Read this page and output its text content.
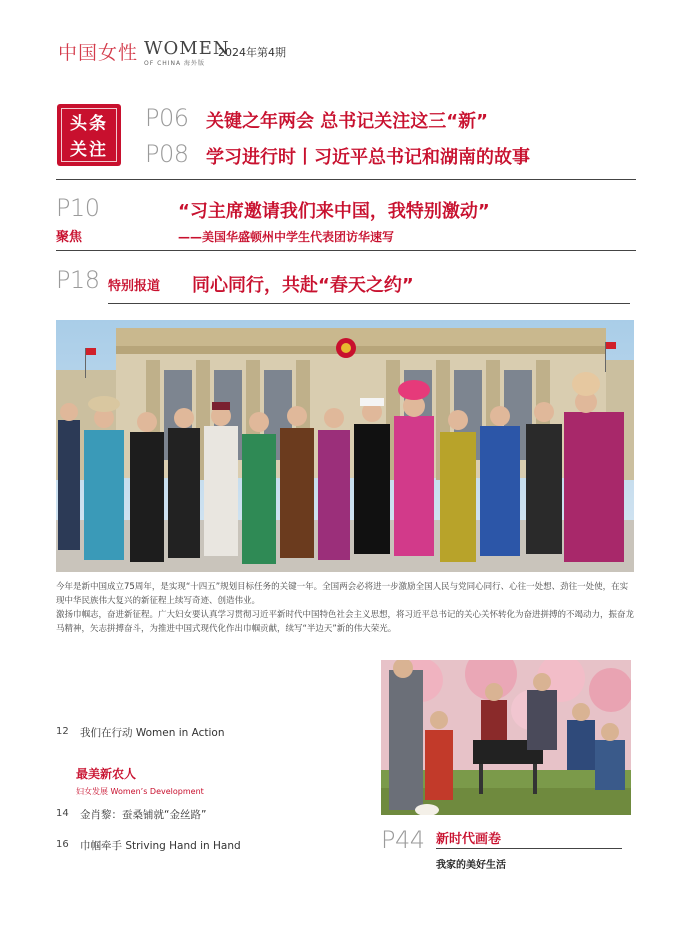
中国女性 WOMEN
OF CHINA 海外版
2024年第4期
头条
关注
P06 关键之年两会 总书记关注这三“新”
P08 学习进行时丨习近平总书记和湖南的故事
P10
聚焦
“习主席邀请我们来中国，我特别激动”
——美国华盛顿州中学生代表团访华速写
P18 特别报道 同心同行，共赴“春天之约”
今年是新中国成立75周年，是实现“十四五”规划目标任务的关键一年。全国两会必将进一步激励全国人民与党同心同行、心往一处想、劲往一处使，在实现中华民族伟大复兴的新征程上续写奇迹、创造伟业。
激扬巾帼志，奋进新征程。广大妇女要认真学习贯彻习近平新时代中国特色社会主义思想，将习近平总书记的关心关怀转化为奋进拼搏的不竭动力，振奋龙马精神，矢志拼搏奋斗，为推进中国式现代化作出巾帼贡献，续写“半边天”新的伟大荣光。
12 我们在行动 Women in Action
最美新农人
妇女发展 Women’s Development
14 金肖黎：蚕桑铺就“金丝路”
16 巾帼牵手 Striving Hand in Hand	P44 新时代画卷
我家的美好生活
